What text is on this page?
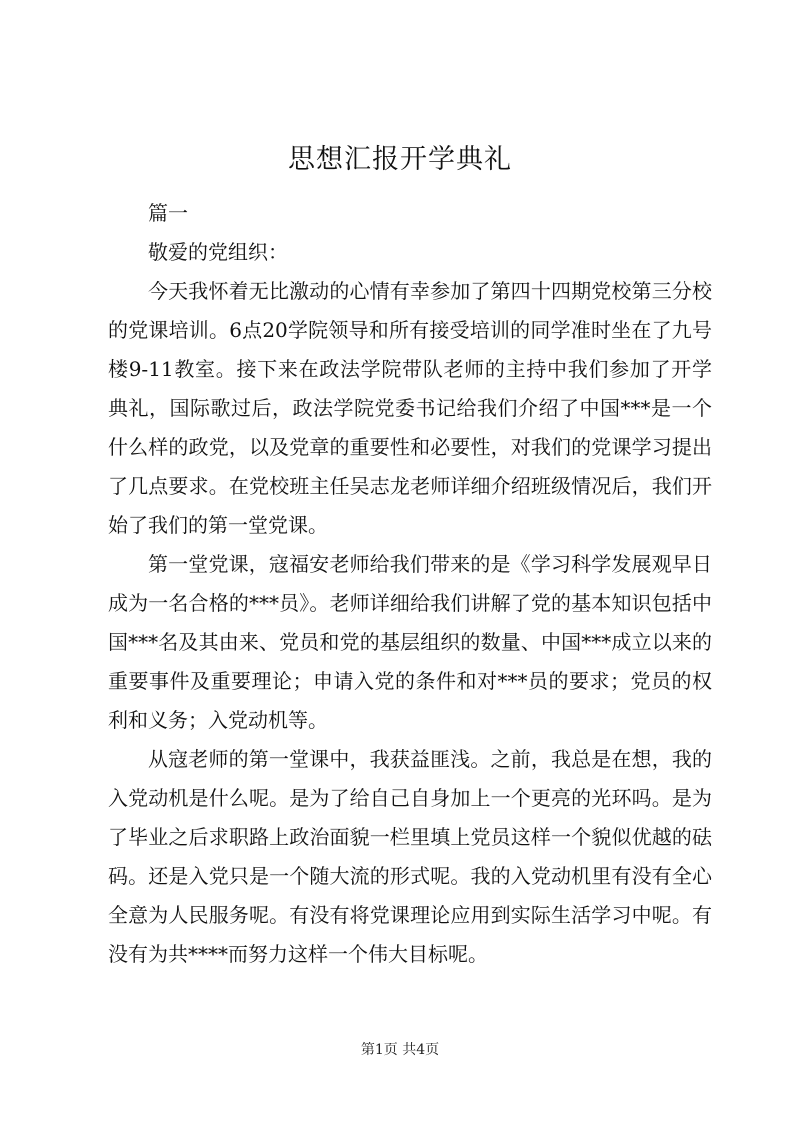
思想汇报开学典礼

篇一

敬爱的党组织：

今天我怀着无比激动的心情有幸参加了第四十四期党校第三分校的党课培训。6点20学院领导和所有接受培训的同学准时坐在了九号楼9-11教室。接下来在政法学院带队老师的主持中我们参加了开学典礼，国际歌过后，政法学院党委书记给我们介绍了中国***是一个什么样的政党，以及党章的重要性和必要性，对我们的党课学习提出了几点要求。在党校班主任吴志龙老师详细介绍班级情况后，我们开始了我们的第一堂党课。

第一堂党课，寇福安老师给我们带来的是《学习科学发展观早日成为一名合格的***员》。老师详细给我们讲解了党的基本知识包括中国***名及其由来、党员和党的基层组织的数量、中国***成立以来的重要事件及重要理论；申请入党的条件和对***员的要求；党员的权利和义务；入党动机等。

从寇老师的第一堂课中，我获益匪浅。之前，我总是在想，我的入党动机是什么呢。是为了给自己自身加上一个更亮的光环吗。是为了毕业之后求职路上政治面貌一栏里填上党员这样一个貌似优越的砝码。还是入党只是一个随大流的形式呢。我的入党动机里有没有全心全意为人民服务呢。有没有将党课理论应用到实际生活学习中呢。有没有为共****而努力这样一个伟大目标呢。

第1页 共4页
